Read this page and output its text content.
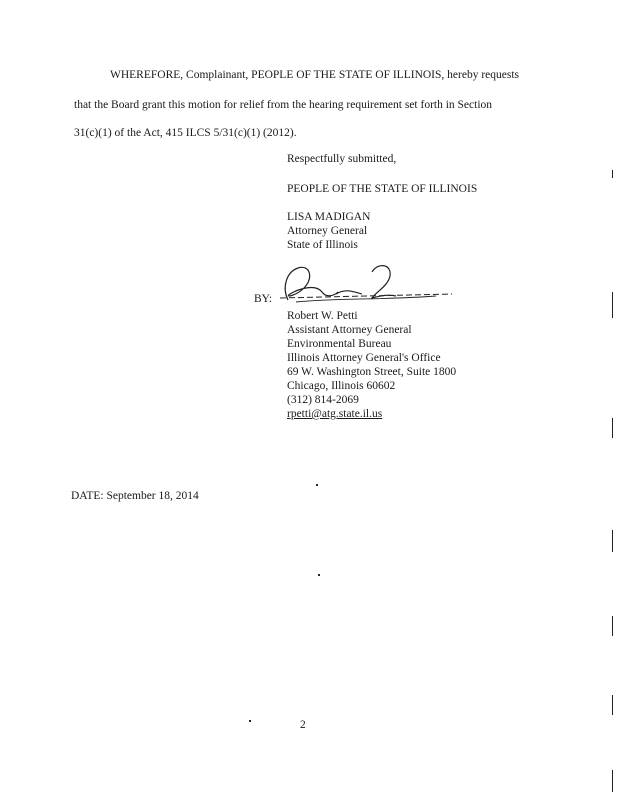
WHEREFORE, Complainant, PEOPLE OF THE STATE OF ILLINOIS, hereby requests
that the Board grant this motion for relief from the hearing requirement set forth in Section
31(c)(1) of the Act, 415 ILCS 5/31(c)(1) (2012).
Respectfully submitted,
PEOPLE OF THE STATE OF ILLINOIS
LISA MADIGAN
Attorney General
State of Illinois
BY:
Robert W. Petti
Assistant Attorney General
Environmental Bureau
Illinois Attorney General's Office
69 W. Washington Street, Suite 1800
Chicago, Illinois 60602
(312) 814-2069
rpetti@atg.state.il.us
DATE: September 18, 2014
2
